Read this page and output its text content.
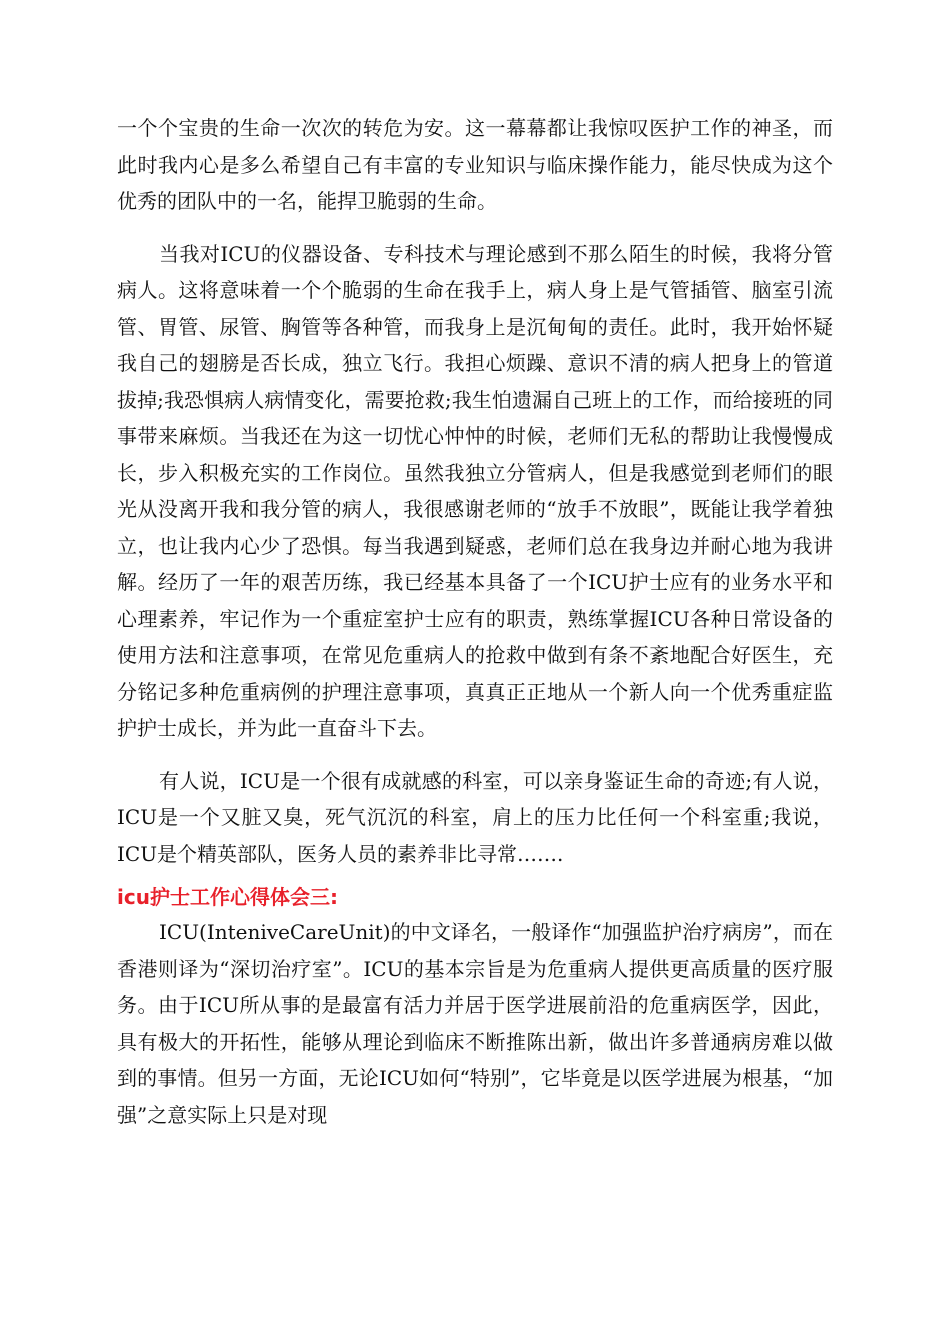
一个个宝贵的生命一次次的转危为安。这一幕幕都让我惊叹医护工作的神圣，而此时我内心是多么希望自己有丰富的专业知识与临床操作能力，能尽快成为这个优秀的团队中的一名，能捍卫脆弱的生命。

当我对ICU的仪器设备、专科技术与理论感到不那么陌生的时候，我将分管病人。这将意味着一个个脆弱的生命在我手上，病人身上是气管插管、脑室引流管、胃管、尿管、胸管等各种管，而我身上是沉甸甸的责任。此时，我开始怀疑我自己的翅膀是否长成，独立飞行。我担心烦躁、意识不清的病人把身上的管道拔掉;我恐惧病人病情变化，需要抢救;我生怕遗漏自己班上的工作，而给接班的同事带来麻烦。当我还在为这一切忧心忡忡的时候，老师们无私的帮助让我慢慢成长，步入积极充实的工作岗位。虽然我独立分管病人，但是我感觉到老师们的眼光从没离开我和我分管的病人，我很感谢老师的“放手不放眼”，既能让我学着独立，也让我内心少了恐惧。每当我遇到疑惑，老师们总在我身边并耐心地为我讲解。经历了一年的艰苦历练，我已经基本具备了一个ICU护士应有的业务水平和心理素养，牢记作为一个重症室护士应有的职责，熟练掌握ICU各种日常设备的使用方法和注意事项，在常见危重病人的抢救中做到有条不紊地配合好医生，充分铭记多种危重病例的护理注意事项，真真正正地从一个新人向一个优秀重症监护护士成长，并为此一直奋斗下去。

有人说，ICU是一个很有成就感的科室，可以亲身鉴证生命的奇迹;有人说，ICU是一个又脏又臭，死气沉沉的科室，肩上的压力比任何一个科室重;我说，ICU是个精英部队，医务人员的素养非比寻常…….

icu护士工作心得体会三:

ICU(InteniveCareUnit)的中文译名，一般译作“加强监护治疗病房”，而在香港则译为“深切治疗室”。ICU的基本宗旨是为危重病人提供更高质量的医疗服务。由于ICU所从事的是最富有活力并居于医学进展前沿的危重病医学，因此，具有极大的开拓性，能够从理论到临床不断推陈出新，做出许多普通病房难以做到的事情。但另一方面，无论ICU如何“特别”，它毕竟是以医学进展为根基，“加强”之意实际上只是对现
